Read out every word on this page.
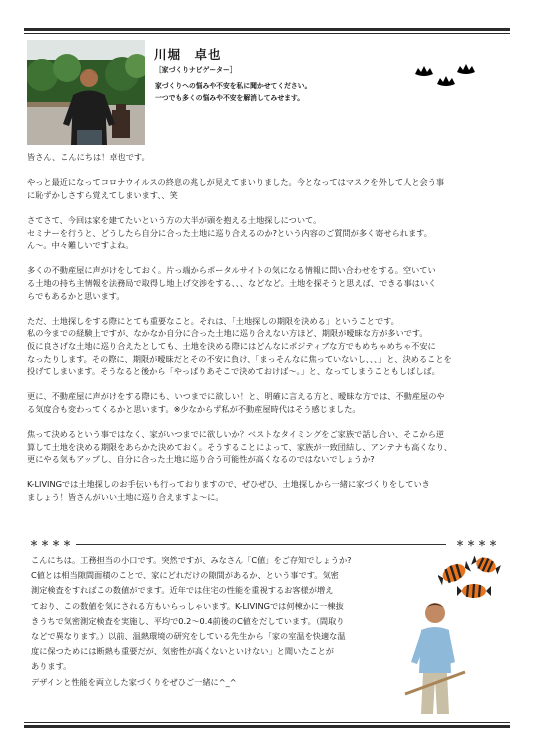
川堀　卓也
［家づくりナビゲーター］
家づくりへの悩みや不安を私に聞かせてください。
一つでも多くの悩みや不安を解消してみせます。

皆さん、こんにちは！卓也です。

やっと最近になってコロナウイルスの終息の兆しが見えてまいりました。今となってはマスクを外して人と会う事

に恥ずかしさすら覚えてしまいます、、笑

さてさて、今回は家を建てたいという方の大半が頭を抱える土地探しについて。

セミナーを行うと、どうしたら自分に合った土地に巡り合えるのか?という内容のご質問が多く寄せられます。

ん〜。中々難しいですよね。

多くの不動産屋に声がけをしておく。片っ端からポータルサイトの気になる情報に問い合わせをする。空いてい

る土地の持ち主情報を法務局で取得し地上げ交渉をする、、、などなど。土地を探そうと思えば、できる事はいく

らでもあるかと思います。

ただ、土地探しをする際にとても重要なこと。それは、「土地探しの期限を決める」ということです。

私の今までの経験上ですが、なかなか自分に合った土地に巡り合えない方ほど、期限が曖昧な方が多いです。

仮に良さげな土地に巡り合えたとしても、土地を決める際にはどんなにポジティブな方でもめちゃめちゃ不安に

なったりします。その際に、期限が曖昧だとその不安に負け、「まっそんなに焦っていないし、、、」と、決めることを

投げてしまいます。そうなると後から「やっぱりあそこで決めておけば〜。」と、なってしまうこともしばしば。

更に、不動産屋に声がけをする際にも、いつまでに欲しい！と、明確に言える方と、曖昧な方では、不動産屋のや

る気度合も変わってくるかと思います。※少なからず私が不動産屋時代はそう感じました。

焦って決めるという事ではなく、家がいつまでに欲しいか？ベストなタイミングをご家族で話し合い、そこから逆

算して土地を決める期限をあらかた決めておく。そうすることによって、家族が一致団結し、アンテナも高くなり、

更にやる気もアップし、自分に合った土地に巡り合う可能性が高くなるのではないでしょうか?

K-LIVINGでは土地探しのお手伝いも行っておりますので、ぜひぜひ、土地探しから一緒に家づくりをしていき

ましょう！皆さんがいい土地に巡り合えますよ〜に。

＊＊＊＊	＊＊＊＊

こんにちは。工務担当の小口です。突然ですが、みなさん「C値」をご存知でしょうか?

C値とは相当隙間面積のことで、家にどれだけの隙間があるか、という事です。気密

測定検査をすればこの数値がでます。近年では住宅の性能を重視するお客様が増え

ており、この数値を気にされる方もいらっしゃいます。K-LIVINGでは何棟かに一棟抜

きうちで気密測定検査を実施し、平均で0.2〜0.4前後のC値をだしています。（間取り

などで異なります。）以前、温熱環境の研究をしている先生から「家の室温を快適な温

度に保つためには断熱も重要だが、気密性が高くないといけない」と聞いたことが

あります。

デザインと性能を両立した家づくりをぜひご一緒に^_^
